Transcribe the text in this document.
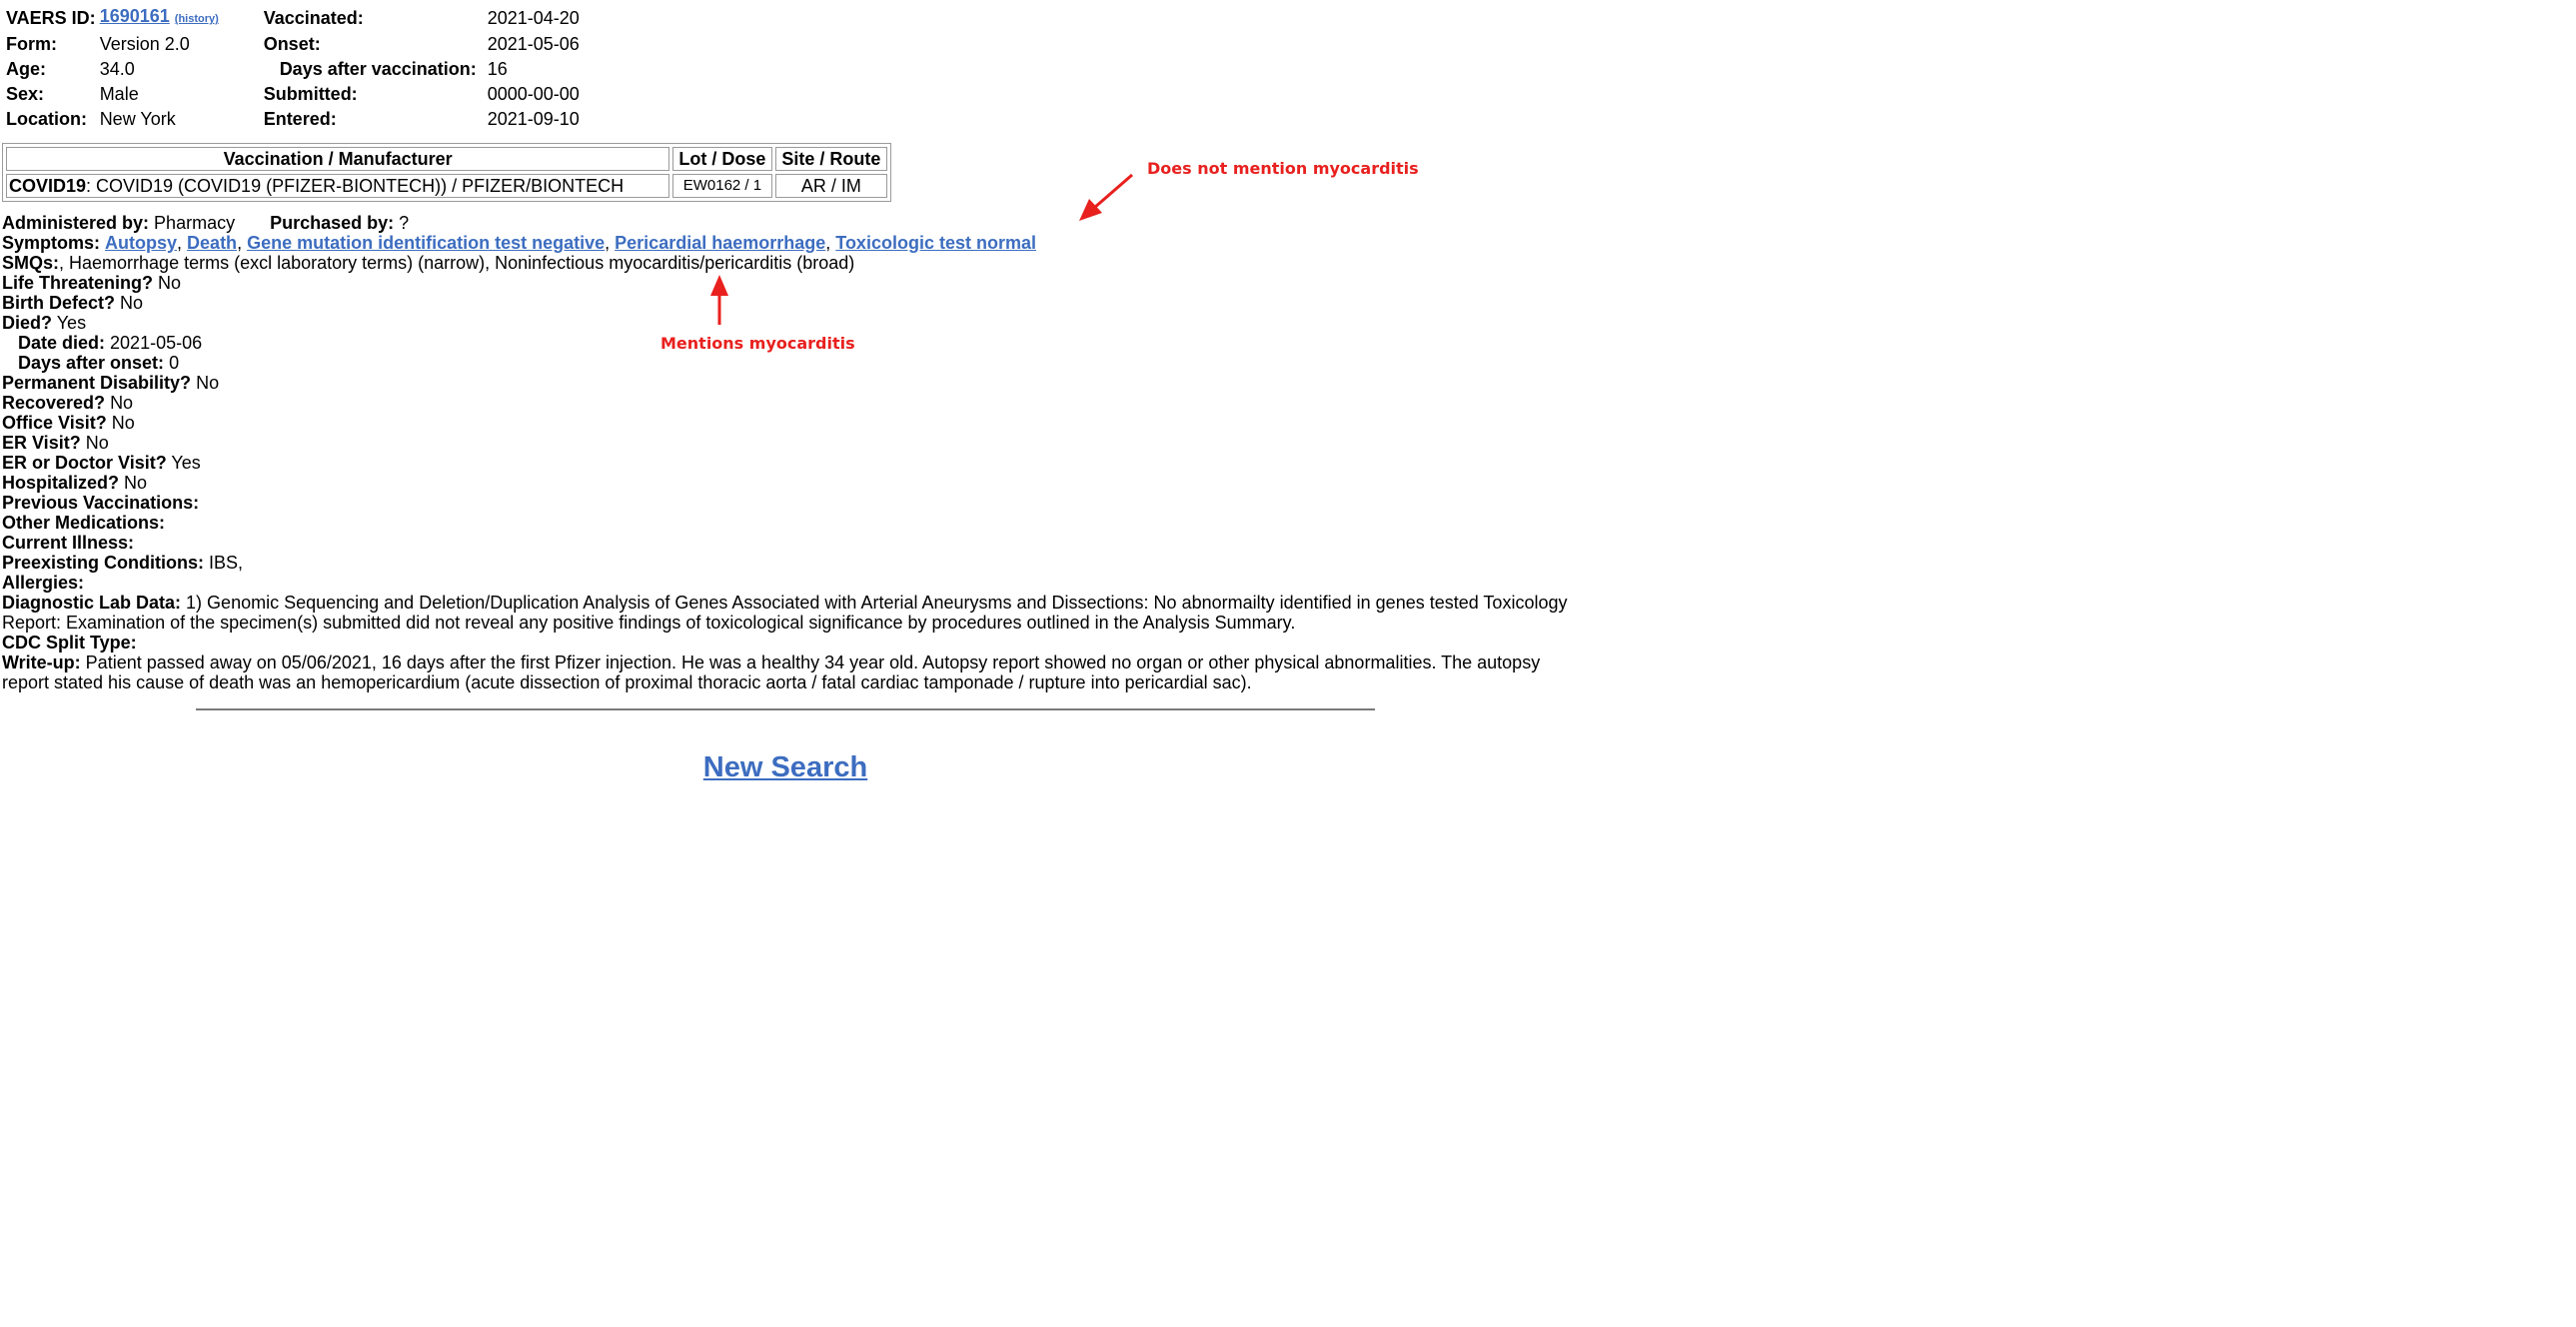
VAERS ID:	1690161 (history)	Vaccinated:	2021-04-20
Form:	Version 2.0	Onset:	2021-05-06
Age:	34.0	Days after vaccination:	16
Sex:	Male	Submitted:	0000-00-00
Location:	New York	Entered:	2021-09-10
Vaccination / Manufacturer	Lot / Dose	Site / Route
COVID19: COVID19 (COVID19 (PFIZER-BIONTECH)) / PFIZER/BIONTECH	EW0162 / 1	AR / IM
Administered by: Pharmacy Purchased by: ?
Symptoms: Autopsy, Death, Gene mutation identification test negative, Pericardial haemorrhage, Toxicologic test normal
SMQs:, Haemorrhage terms (excl laboratory terms) (narrow), Noninfectious myocarditis/pericarditis (broad)
Life Threatening? No
Birth Defect? No
Died? Yes
Date died: 2021-05-06
Days after onset: 0
Permanent Disability? No
Recovered? No
Office Visit? No
ER Visit? No
ER or Doctor Visit? Yes
Hospitalized? No
Previous Vaccinations:
Other Medications:
Current Illness:
Preexisting Conditions: IBS,
Allergies:
Diagnostic Lab Data: 1) Genomic Sequencing and Deletion/Duplication Analysis of Genes Associated with Arterial Aneurysms and Dissections: No abnormailty identified in genes tested Toxicology Report: Examination of the specimen(s) submitted did not reveal any positive findings of toxicological significance by procedures outlined in the Analysis Summary.
CDC Split Type:
Write-up: Patient passed away on 05/06/2021, 16 days after the first Pfizer injection. He was a healthy 34 year old. Autopsy report showed no organ or other physical abnormalities. The autopsy report stated his cause of death was an hemopericardium (acute dissection of proximal thoracic aorta / fatal cardiac tamponade / rupture into pericardial sac).
Does not mention myocarditis
Mentions myocarditis
New Search
